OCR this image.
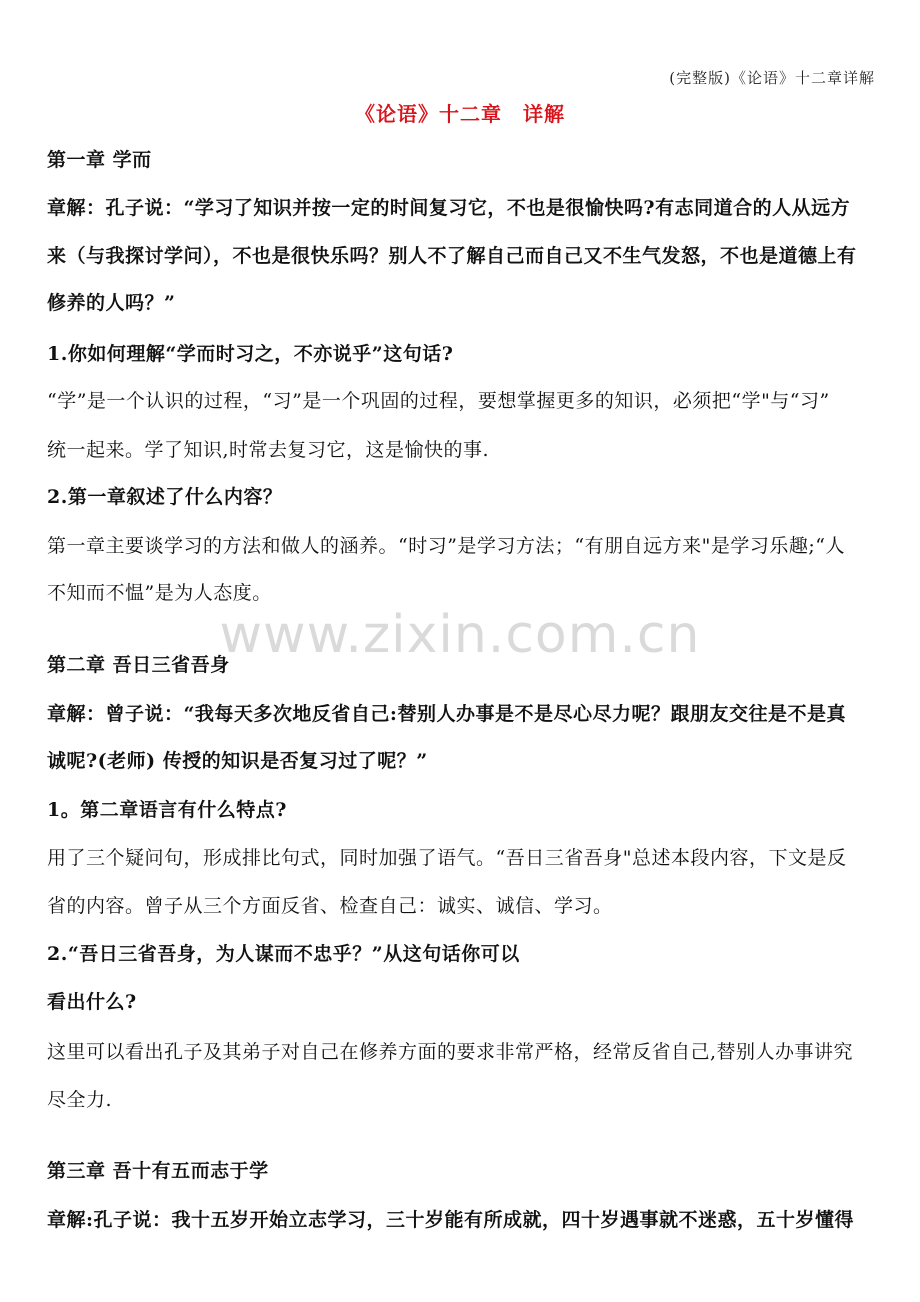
(完整版)《论语》十二章详解
《论语》十二章　详解
www.zixin.com.cn
第一章 学而
章解：孔子说：“学习了知识并按一定的时间复习它，不也是很愉快吗?有志同道合的人从远方
来（与我探讨学问），不也是很快乐吗？别人不了解自己而自己又不生气发怒，不也是道德上有
修养的人吗？”
1.你如何理解“学而时习之，不亦说乎”这句话?
“学”是一个认识的过程，“习”是一个巩固的过程，要想掌握更多的知识，必须把“学"与“习”
统一起来。学了知识,时常去复习它，这是愉快的事.
2.第一章叙述了什么内容？
第一章主要谈学习的方法和做人的涵养。“时习”是学习方法；“有朋自远方来"是学习乐趣;“人
不知而不愠”是为人态度。
第二章 吾日三省吾身
章解：曾子说：“我每天多次地反省自己:替别人办事是不是尽心尽力呢？跟朋友交往是不是真
诚呢?(老师) 传授的知识是否复习过了呢？”
1。第二章语言有什么特点?
用了三个疑问句，形成排比句式，同时加强了语气。“吾日三省吾身"总述本段内容，下文是反
省的内容。曾子从三个方面反省、检查自己：诚实、诚信、学习。
2.“吾日三省吾身，为人谋而不忠乎？”从这句话你可以
看出什么?
这里可以看出孔子及其弟子对自己在修养方面的要求非常严格，经常反省自己,替别人办事讲究
尽全力.
第三章 吾十有五而志于学
章解:孔子说：我十五岁开始立志学习，三十岁能有所成就，四十岁遇事就不迷惑，五十岁懂得
